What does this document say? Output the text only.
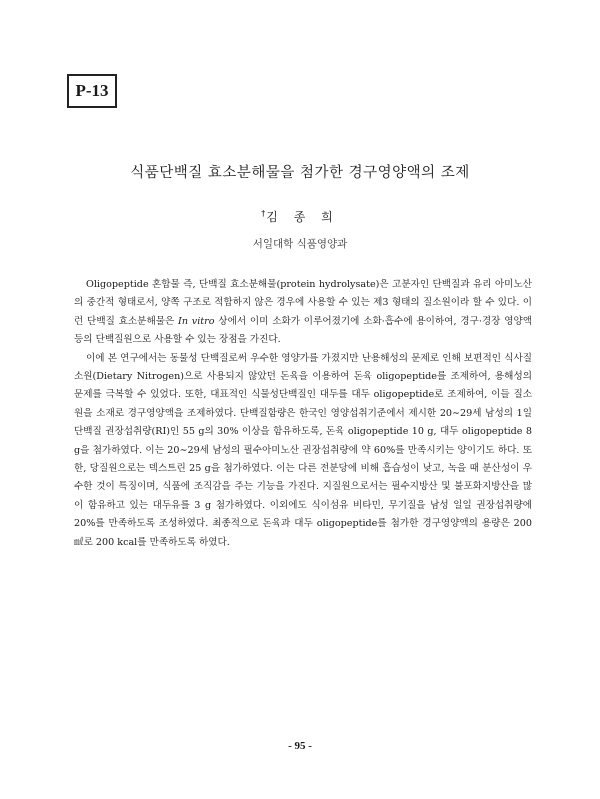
P-13
식품단백질 효소분해물을 첨가한 경구영양액의 조제
†김 종 희
서일대학 식품영양과

Oligopeptide 혼합물 즉, 단백질 효소분해물(protein hydrolysate)은 고분자인 단백질과 유리 아미노산의 중간적 형태로서, 양쪽 구조로 적합하지 않은 경우에 사용할 수 있는 제3 형태의 질소원이라 할 수 있다. 이런 단백질 효소분해물은 In vitro 상에서 이미 소화가 이루어졌기에 소화·흡수에 용이하여, 경구·경장 영양액 등의 단백질원으로 사용할 수 있는 장점을 가진다.

이에 본 연구에서는 동물성 단백질로써 우수한 영양가를 가졌지만 난용해성의 문제로 인해 보편적인 식사질소원(Dietary Nitrogen)으로 사용되지 않았던 돈육을 이용하여 돈육 oligopeptide를 조제하여, 용해성의 문제를 극복할 수 있었다. 또한, 대표적인 식물성단백질인 대두를 대두 oligopeptide로 조제하여, 이들 질소원을 소재로 경구영양액을 조제하였다. 단백질함량은 한국인 영양섭취기준에서 제시한 20∼29세 남성의 1일 단백질 권장섭취량(RI)인 55 g의 30% 이상을 함유하도록, 돈육 oligopeptide 10 g, 대두 oligopeptide 8 g을 첨가하였다. 이는 20∼29세 남성의 필수아미노산 권장섭취량에 약 60%를 만족시키는 양이기도 하다. 또한, 당질원으로는 덱스트린 25 g을 첨가하였다. 이는 다른 전분당에 비해 흡습성이 낮고, 녹을 때 분산성이 우수한 것이 특징이며, 식품에 조직감을 주는 기능을 가진다. 지질원으로서는 필수지방산 및 불포화지방산을 많이 함유하고 있는 대두유를 3 g 첨가하였다. 이외에도 식이섬유 비타민, 무기질을 남성 일일 권장섭취량에 20%를 만족하도록 조성하였다. 최종적으로 돈육과 대두 oligopeptide를 첨가한 경구영양액의 용량은 200 ㎖로 200 kcal를 만족하도록 하였다.

- 95 -
